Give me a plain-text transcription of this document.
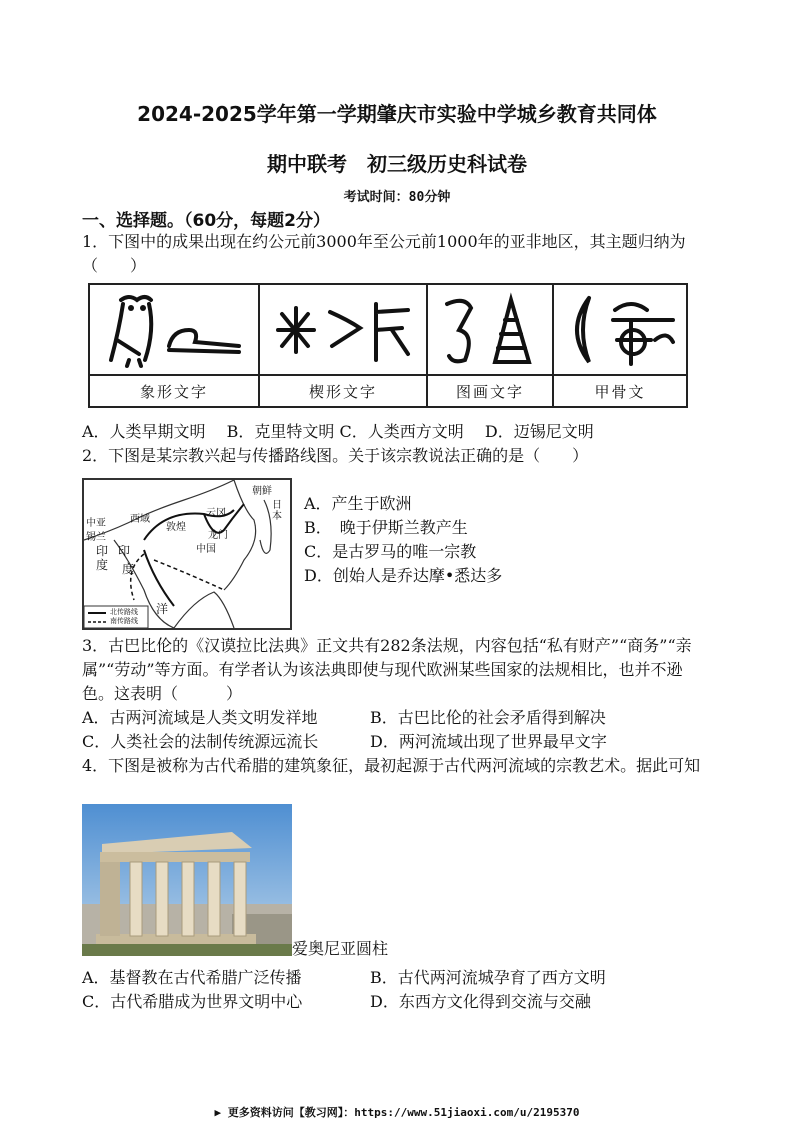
2024-2025学年第一学期肇庆市实验中学城乡教育共同体
期中联考　初三级历史科试卷
考试时间：80分钟
一、选择题。（60分，每题2分）
1．下图中的成果出现在约公元前3000年至公元前1000年的亚非地区，其主题归纳为（　　）
象形文字	楔形文字	图画文字	甲骨文
A．人类早期文明　 B．克里特文明 C．人类西方文明　 D．迈锡尼文明
2．下图是某宗教兴起与传播路线图。关于该宗教说法正确的是（　　）
中亚 西域
敦煌
云冈
龙门
朝鲜
日本
中国
锡兰
印
度
印
度
洋
北传路线
南传路线
A．产生于欧洲
B．　晚于伊斯兰教产生
C．是古罗马的唯一宗教
D．创始人是乔达摩•悉达多
3．古巴比伦的《汉谟拉比法典》正文共有282条法规，内容包括“私有财产”“商务”“亲属”“劳动”等方面。有学者认为该法典即使与现代欧洲某些国家的法规相比，也并不逊色。这表明（　　　）
A．古两河流域是人类文明发祥地	B．古巴比伦的社会矛盾得到解决
C．人类社会的法制传统源远流长	D．两河流域出现了世界最早文字
4．下图是被称为古代希腊的建筑象征，最初起源于古代两河流域的宗教艺术。据此可知
爱奥尼亚圆柱
A．基督教在古代希腊广泛传播	B．古代两河流城孕育了西方文明
C．古代希腊成为世界文明中心	D．东西方文化得到交流与交融
▶ 更多资料访问【教习网】：https://www.51jiaoxi.com/u/2195370
